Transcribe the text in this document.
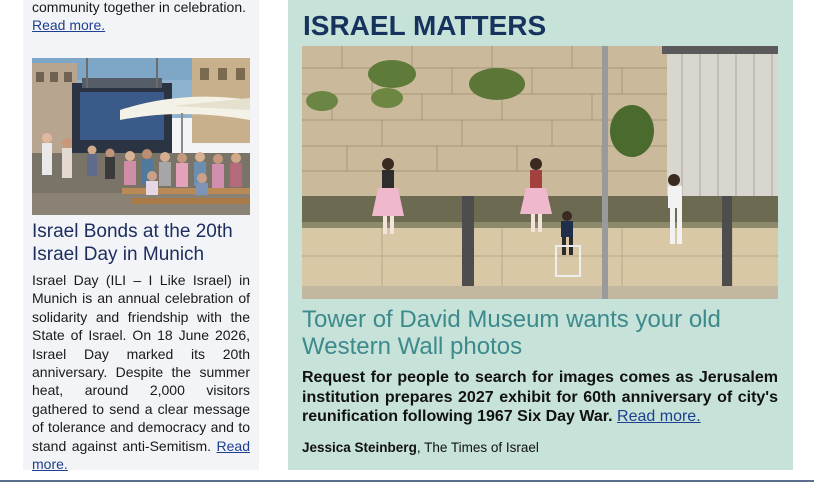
community together in celebration.
Read more.

Israel Bonds at the 20th
Israel Day in Munich

Israel Day (ILI – I Like Israel) in Munich is an annual celebration of solidarity and friendship with the State of Israel. On 18 June 2026, Israel Day marked its 20th anniversary. Despite the summer heat, around 2,000 visitors gathered to send a clear message of tolerance and democracy and to stand against anti-Semitism. Read more.

ISRAEL MATTERS
Tower of David Museum wants your old
Western Wall photos

Request for people to search for images comes as Jerusalem institution prepares 2027 exhibit for 60th anniversary of city's reunification following 1967 Six Day War. Read more.

Jessica Steinberg, The Times of Israel
